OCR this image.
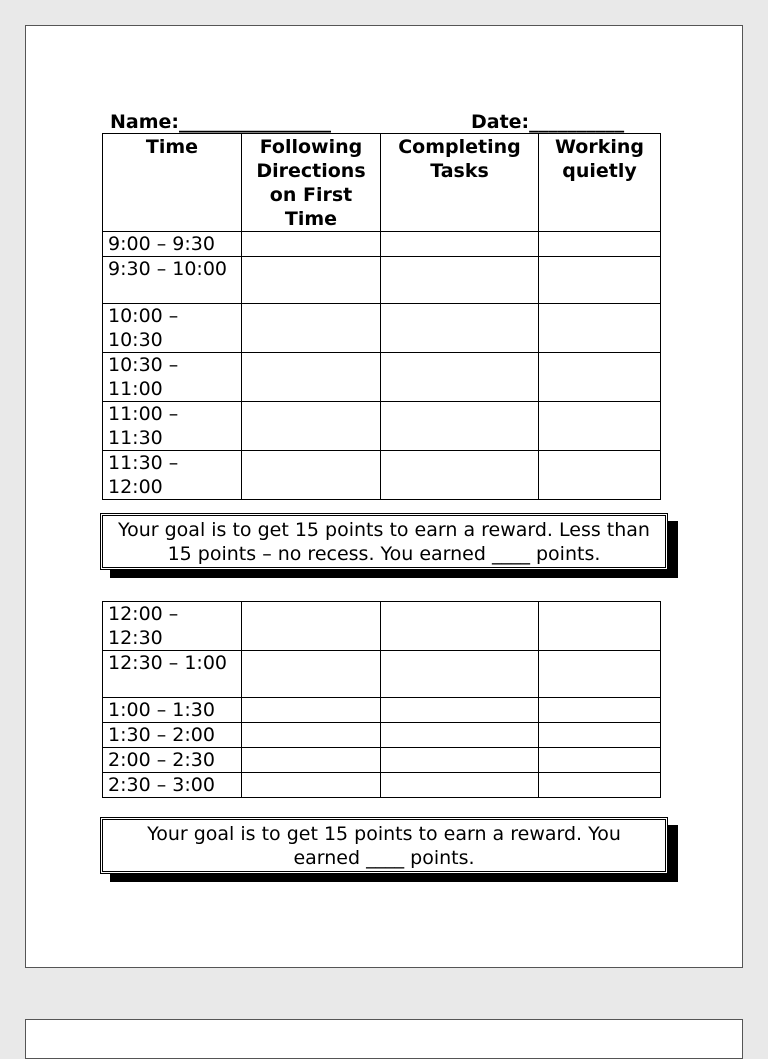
Name:________________	Date:__________
Time	Following Directions on First Time	Completing Tasks	Working quietly
9:00 – 9:30			
9:30 – 10:00			
10:00 – 10:30			
10:30 – 11:00			
11:00 – 11:30			
11:30 – 12:00			
Your goal is to get 15 points to earn a reward. Less than 15 points – no recess. You earned ____ points.
12:00 – 12:30			
12:30 – 1:00			
1:00 – 1:30			
1:30 – 2:00			
2:00 – 2:30			
2:30 – 3:00			
Your goal is to get 15 points to earn a reward. You earned ____ points.
